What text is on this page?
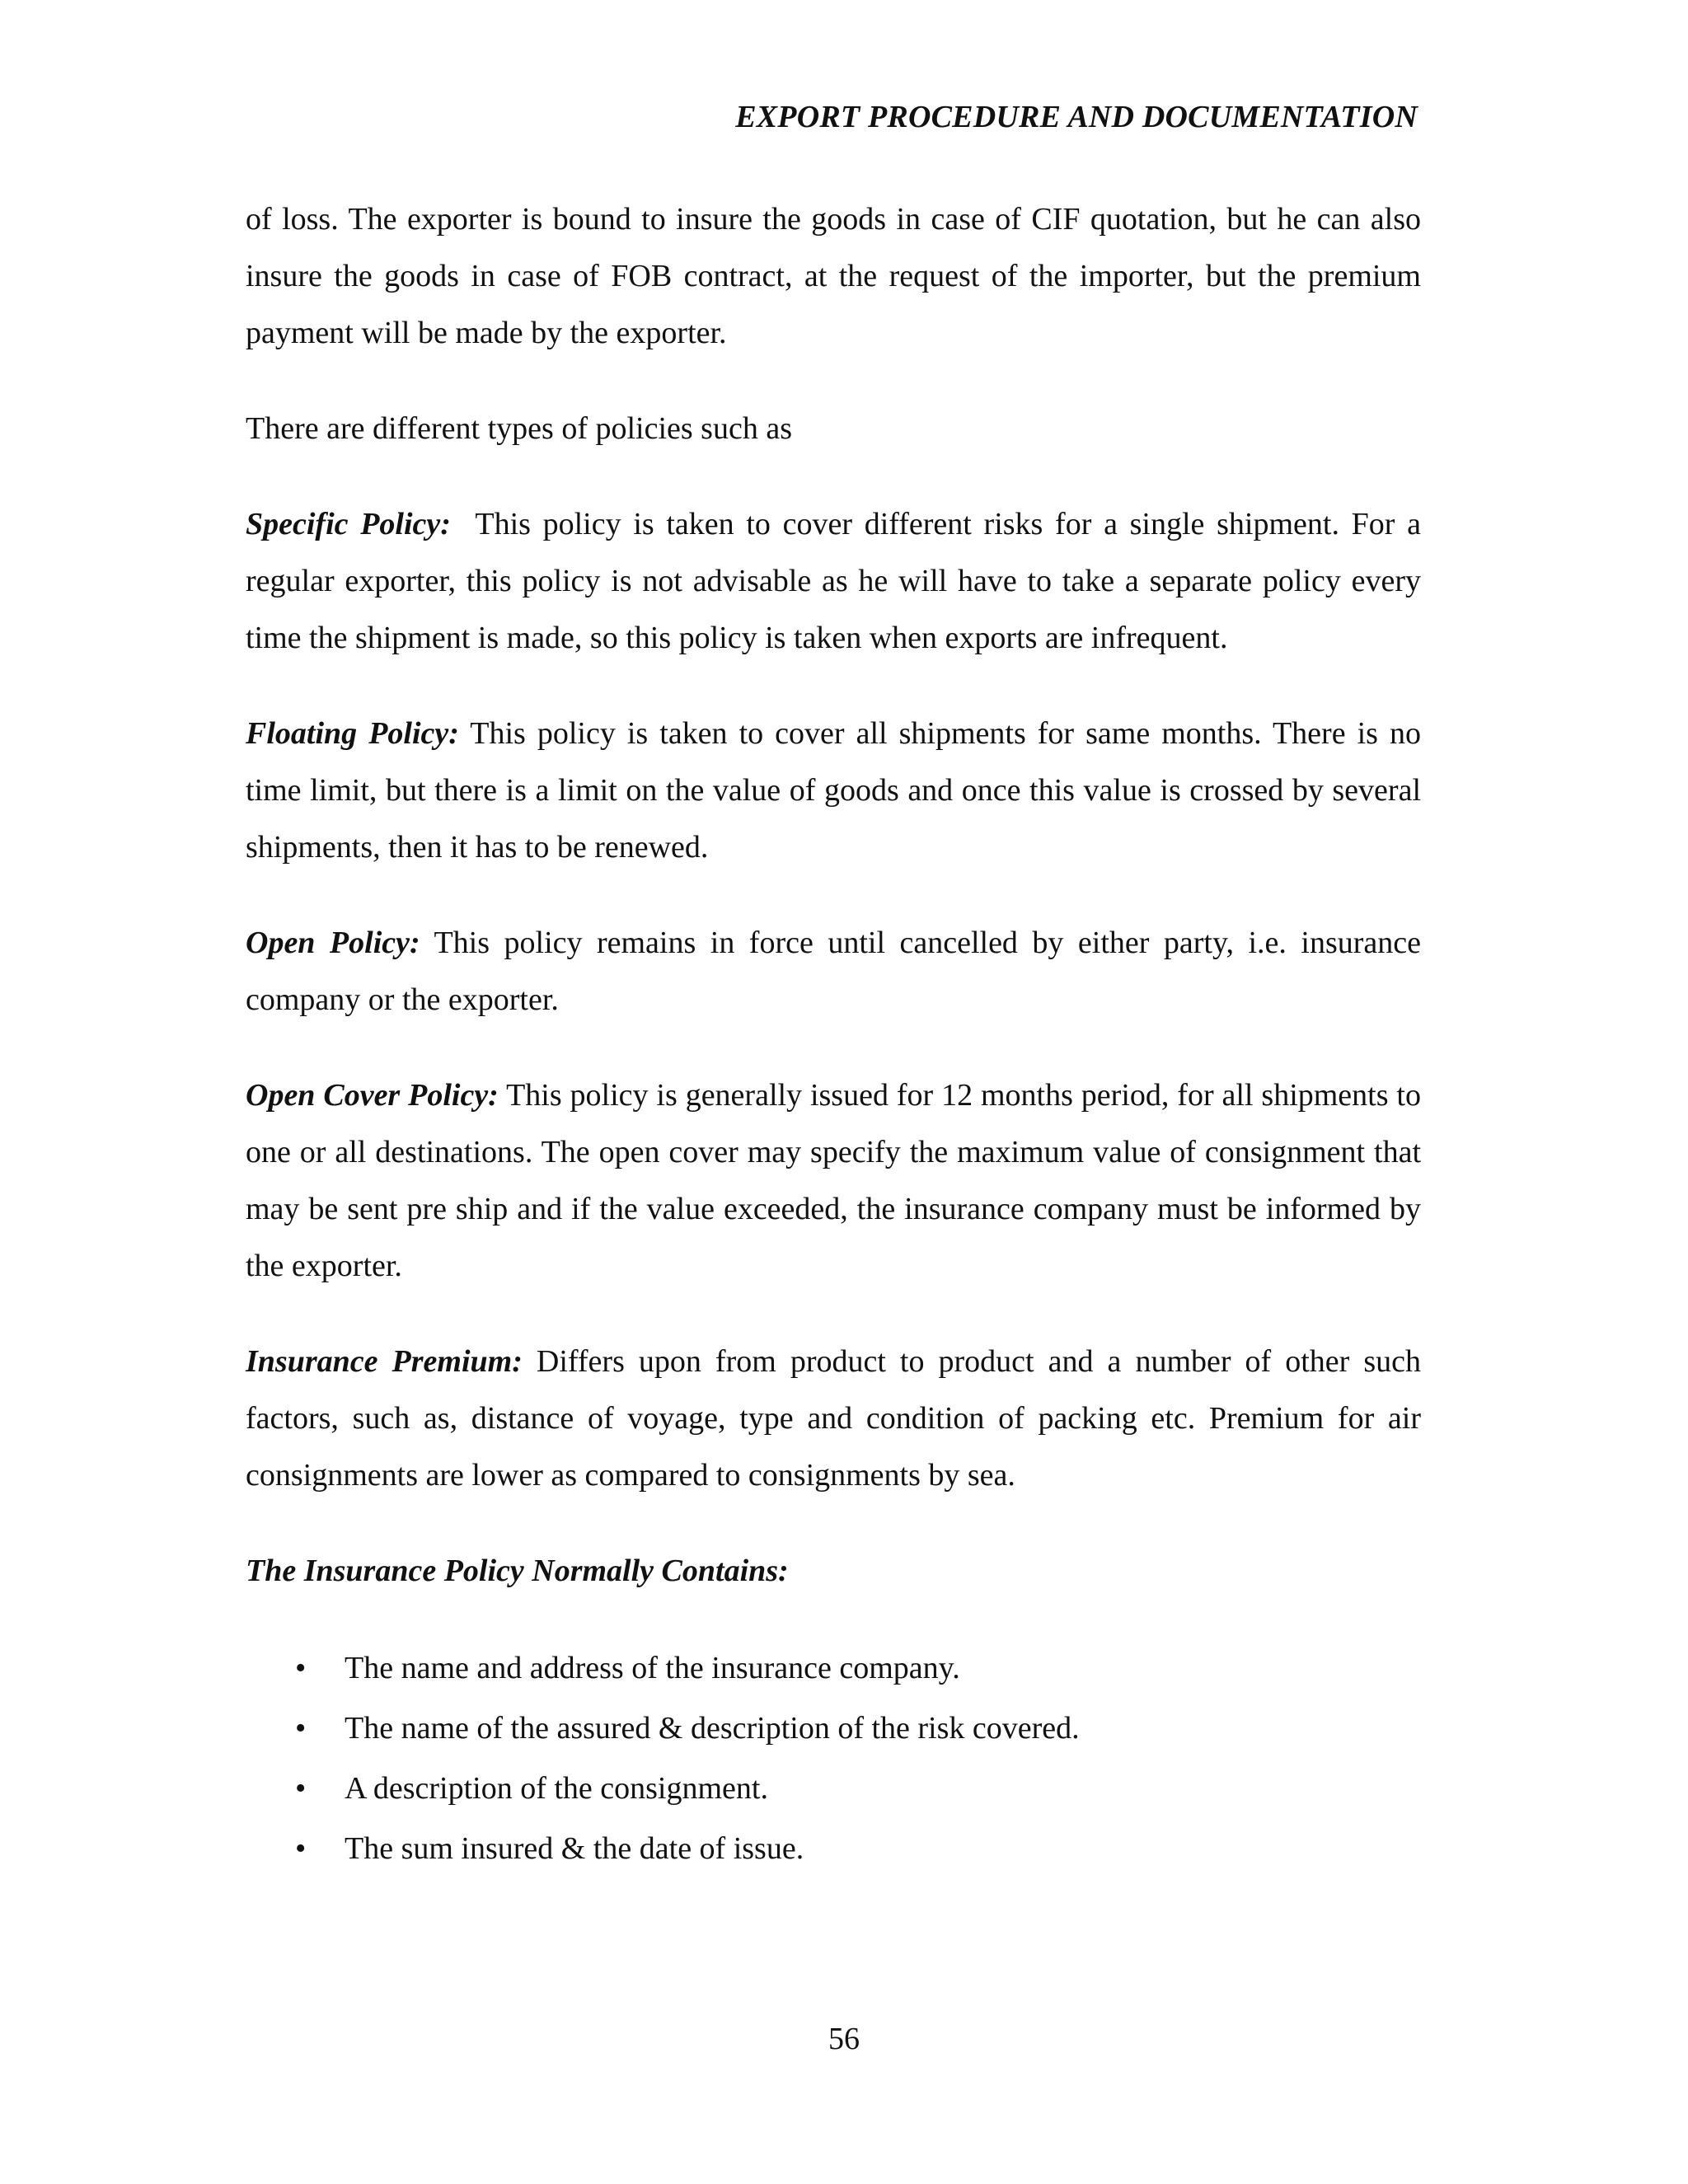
EXPORT PROCEDURE AND DOCUMENTATION

of loss. The exporter is bound to insure the goods in case of CIF quotation, but he can also insure the goods in case of FOB contract, at the request of the importer, but the premium payment will be made by the exporter.

There are different types of policies such as

Specific Policy: This policy is taken to cover different risks for a single shipment. For a regular exporter, this policy is not advisable as he will have to take a separate policy every time the shipment is made, so this policy is taken when exports are infrequent.

Floating Policy: This policy is taken to cover all shipments for same months. There is no time limit, but there is a limit on the value of goods and once this value is crossed by several shipments, then it has to be renewed.

Open Policy: This policy remains in force until cancelled by either party, i.e. insurance company or the exporter.

Open Cover Policy: This policy is generally issued for 12 months period, for all shipments to one or all destinations. The open cover may specify the maximum value of consignment that may be sent pre ship and if the value exceeded, the insurance company must be informed by the exporter.

Insurance Premium: Differs upon from product to product and a number of other such factors, such as, distance of voyage, type and condition of packing etc. Premium for air consignments are lower as compared to consignments by sea.

The Insurance Policy Normally Contains:

• The name and address of the insurance company.
• The name of the assured & description of the risk covered.
• A description of the consignment.
• The sum insured & the date of issue.
56
